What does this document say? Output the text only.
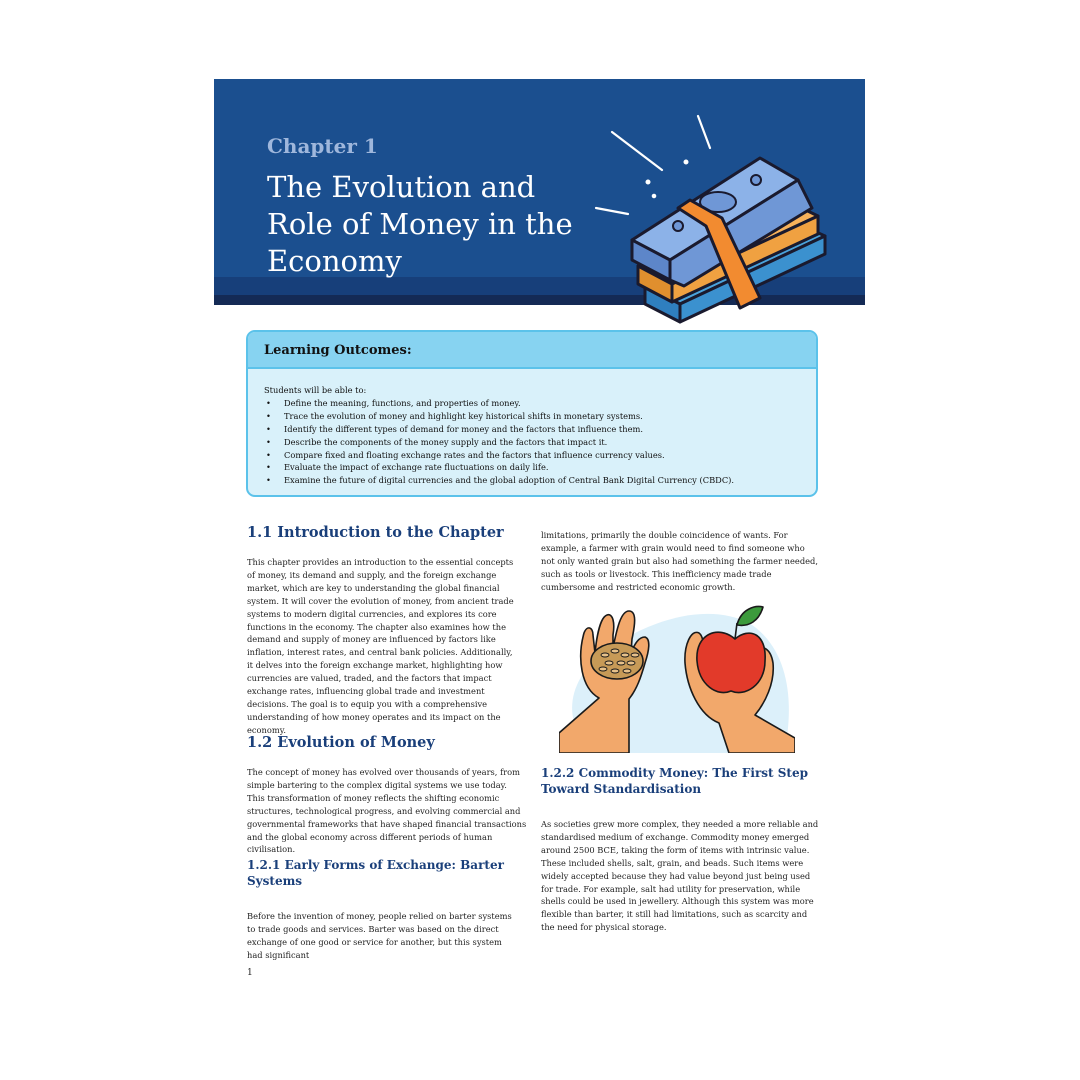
Chapter 1
The Evolution and Role of Money in the Economy
Learning Outcomes:
Students will be able to:
• Define the meaning, functions, and properties of money.
• Trace the evolution of money and highlight key historical shifts in monetary systems.
• Identify the different types of demand for money and the factors that influence them.
• Describe the components of the money supply and the factors that impact it.
• Compare fixed and floating exchange rates and the factors that influence currency values.
• Evaluate the impact of exchange rate fluctuations on daily life.
• Examine the future of digital currencies and the global adoption of Central Bank Digital Currency (CBDC).
1.1 Introduction to the Chapter

This chapter provides an introduction to the essential concepts of money, its demand and supply, and the foreign exchange market, which are key to understanding the global financial system. It will cover the evolution of money, from ancient trade systems to modern digital currencies, and explores its core functions in the economy. The chapter also examines how the demand and supply of money are influenced by factors like inflation, interest rates, and central bank policies. Additionally, it delves into the foreign exchange market, highlighting how currencies are valued, traded, and the factors that impact exchange rates, influencing global trade and investment decisions. The goal is to equip you with a comprehensive understanding of how money operates and its impact on the economy.

1.2 Evolution of Money

The concept of money has evolved over thousands of years, from simple bartering to the complex digital systems we use today. This transformation of money reflects the shifting economic structures, technological progress, and evolving commercial and governmental frameworks that have shaped financial transactions and the global economy across different periods of human civilisation.

1.2.1 Early Forms of Exchange: Barter Systems

Before the invention of money, people relied on barter systems to trade goods and services. Barter was based on the direct exchange of one good or service for another, but this system had significant

limitations, primarily the double coincidence of wants. For example, a farmer with grain would need to find someone who not only wanted grain but also had something the farmer needed, such as tools or livestock. This inefficiency made trade cumbersome and restricted economic growth.

1.2.2 Commodity Money: The First Step Toward Standardisation

As societies grew more complex, they needed a more reliable and standardised medium of exchange. Commodity money emerged around 2500 BCE, taking the form of items with intrinsic value. These included shells, salt, grain, and beads. Such items were widely accepted because they had value beyond just being used for trade. For example, salt had utility for preservation, while shells could be used in jewellery. Although this system was more flexible than barter, it still had limitations, such as scarcity and the need for physical storage.

1
